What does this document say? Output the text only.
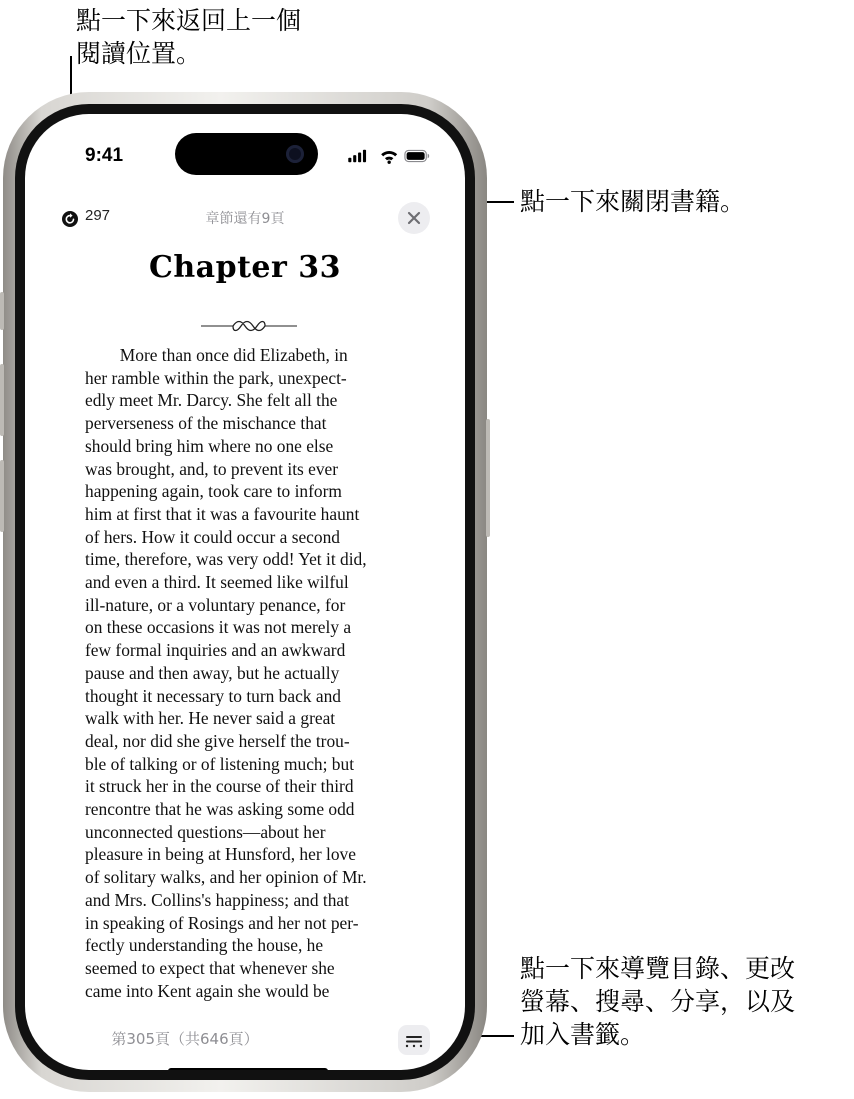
點一下來返回上一個
閱讀位置。
點一下來關閉書籍。
點一下來導覽目錄、更改
螢幕、搜尋、分享，以及
加入書籤。
9:41
297	章節還有9頁
Chapter 33
More than once did Elizabeth, in
her ramble within the park, unexpect-
edly meet Mr. Darcy. She felt all the
perverseness of the mischance that
should bring him where no one else
was brought, and, to prevent its ever
happening again, took care to inform
him at first that it was a favourite haunt
of hers. How it could occur a second
time, therefore, was very odd! Yet it did,
and even a third. It seemed like wilful
ill-nature, or a voluntary penance, for
on these occasions it was not merely a
few formal inquiries and an awkward
pause and then away, but he actually
thought it necessary to turn back and
walk with her. He never said a great
deal, nor did she give herself the trou-
ble of talking or of listening much; but
it struck her in the course of their third
rencontre that he was asking some odd
unconnected questions—about her
pleasure in being at Hunsford, her love
of solitary walks, and her opinion of Mr.
and Mrs. Collins's happiness; and that
in speaking of Rosings and her not per-
fectly understanding the house, he
seemed to expect that whenever she
came into Kent again she would be
第305頁（共646頁）
